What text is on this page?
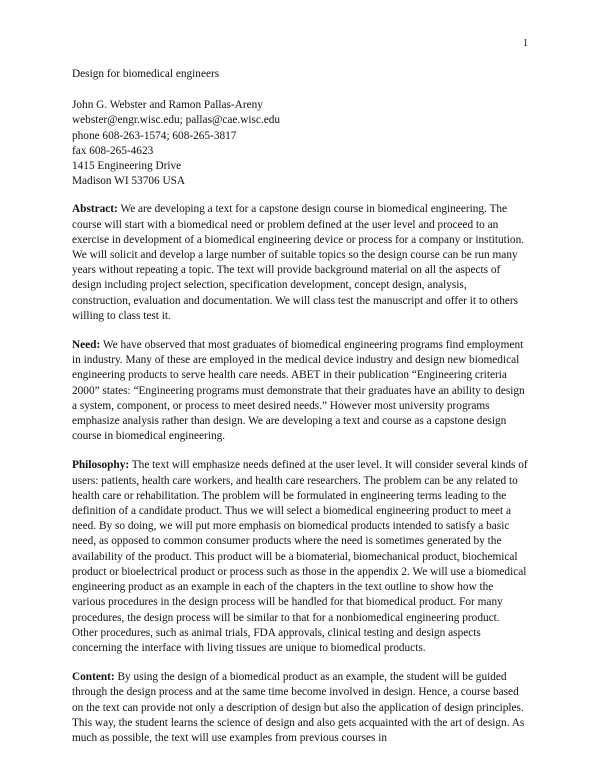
1

Design for biomedical engineers

John G. Webster and Ramon Pallas-Areny

webster@engr.wisc.edu; pallas@cae.wisc.edu

phone 608-263-1574; 608-265-3817

fax 608-265-4623

1415 Engineering Drive

Madison WI 53706 USA

Abstract: We are developing a text for a capstone design course in biomedical engineering. The course will start with a biomedical need or problem defined at the user level and proceed to an exercise in development of a biomedical engineering device or process for a company or institution. We will solicit and develop a large number of suitable topics so the design course can be run many years without repeating a topic. The text will provide background material on all the aspects of design including project selection, specification development, concept design, analysis, construction, evaluation and documentation. We will class test the manuscript and offer it to others willing to class test it.

Need: We have observed that most graduates of biomedical engineering programs find employment in industry. Many of these are employed in the medical device industry and design new biomedical engineering products to serve health care needs. ABET in their publication “Engineering criteria 2000” states: “Engineering programs must demonstrate that their graduates have an ability to design a system, component, or process to meet desired needs.” However most university programs emphasize analysis rather than design. We are developing a text and course as a capstone design course in biomedical engineering.

Philosophy: The text will emphasize needs defined at the user level. It will consider several kinds of users: patients, health care workers, and health care researchers. The problem can be any related to health care or rehabilitation. The problem will be formulated in engineering terms leading to the definition of a candidate product. Thus we will select a biomedical engineering product to meet a need. By so doing, we will put more emphasis on biomedical products intended to satisfy a basic need, as opposed to common consumer products where the need is sometimes generated by the availability of the product. This product will be a biomaterial, biomechanical product, biochemical product or bioelectrical product or process such as those in the appendix 2. We will use a biomedical engineering product as an example in each of the chapters in the text outline to show how the various procedures in the design process will be handled for that biomedical product. For many procedures, the design process will be similar to that for a nonbiomedical engineering product. Other procedures, such as animal trials, FDA approvals, clinical testing and design aspects concerning the interface with living tissues are unique to biomedical products.

Content: By using the design of a biomedical product as an example, the student will be guided through the design process and at the same time become involved in design. Hence, a course based on the text can provide not only a description of design but also the application of design principles. This way, the student learns the science of design and also gets acquainted with the art of design. As much as possible, the text will use examples from previous courses in
